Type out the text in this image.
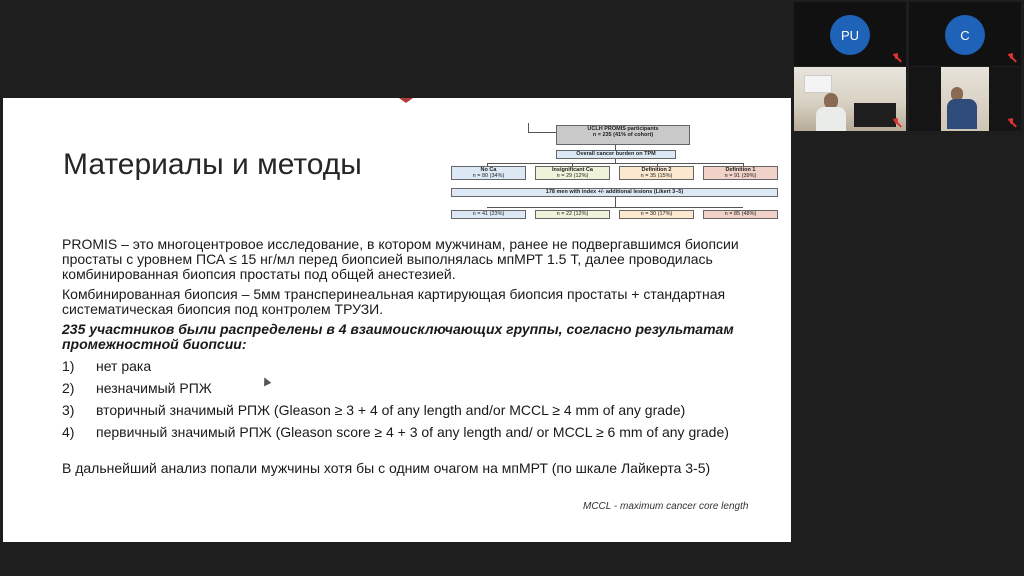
Материалы и методы
UCLH PROMIS participants
n = 235 (41% of cohort)
Overall cancer burden on TPM
No Ca
n = 80 (34%)
Insignificant Ca
n = 29 (12%)
Definition 2
n = 35 (15%)
Definition 1
n = 91 (39%)
178 men with index +/- additional lesions (Likert 3–5)
n = 41 (23%)	n = 22 (12%)	n = 30 (17%)	n = 85 (48%)
PROMIS – это многоцентровое исследование, в котором мужчинам, ранее не подвергавшимся биопсии простаты с уровнем ПСА ≤ 15 нг/мл перед биопсией выполнялась мпМРТ 1.5 Т, далее проводилась комбинированная биопсия простаты под общей анестезией.
Комбинированная биопсия – 5мм трансперинеальная картирующая биопсия простаты + стандартная систематическая биопсия под контролем ТРУЗИ.
235 участников были распределены в 4 взаимоисключающих группы, согласно результатам промежностной биопсии:
1) нет рака
2) незначимый РПЖ
3) вторичный значимый РПЖ (Gleason ≥ 3 + 4 of any length and/or MCCL ≥ 4 mm of any grade)
4) первичный значимый РПЖ (Gleason score ≥ 4 + 3 of any length and/ or MCCL ≥ 6 mm of any grade)
В дальнейший анализ попали мужчины хотя бы с одним очагом на мпМРТ (по шкале Лайкерта 3-5)
MCCL - maximum cancer core length
PU	C
